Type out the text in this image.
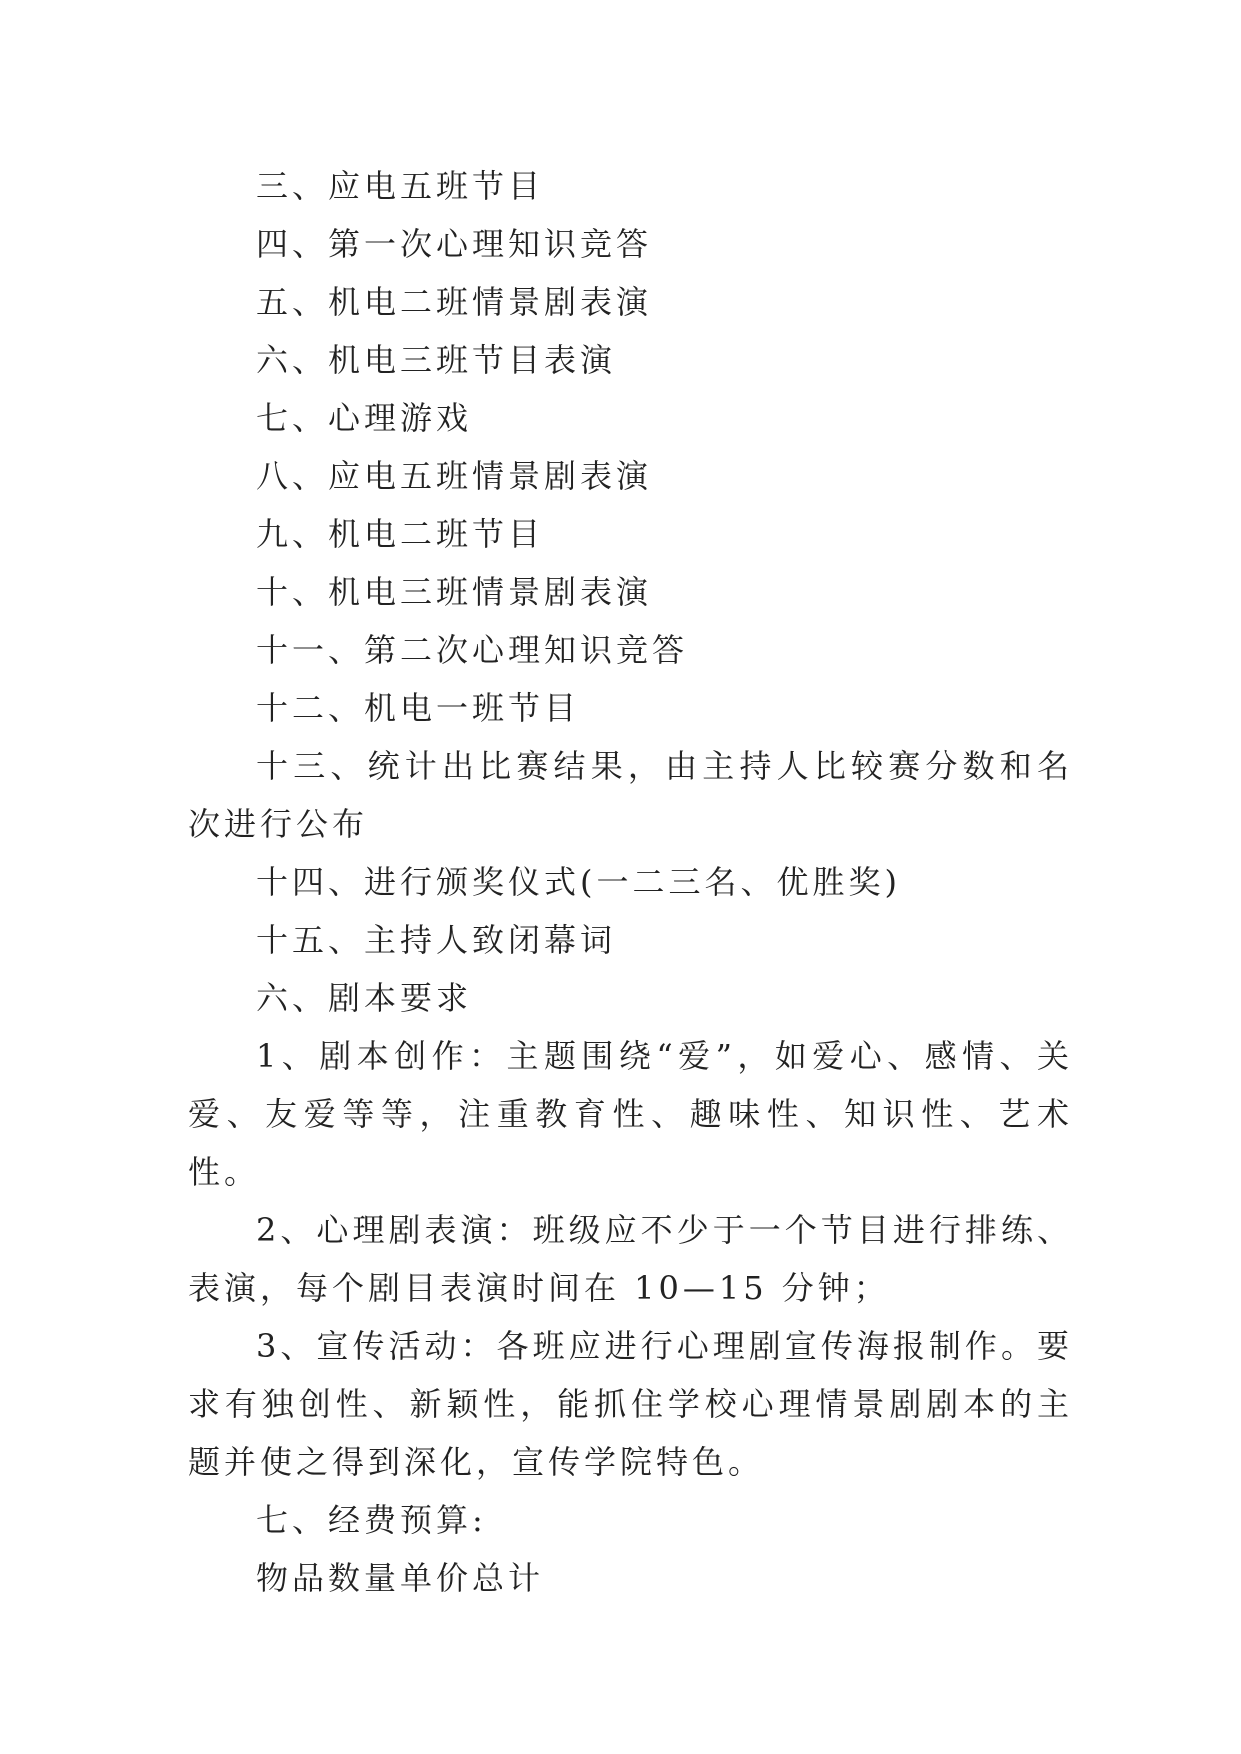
三、应电五班节目

四、第一次心理知识竞答

五、机电二班情景剧表演

六、机电三班节目表演

七、心理游戏

八、应电五班情景剧表演

九、机电二班节目

十、机电三班情景剧表演

十一、第二次心理知识竞答

十二、机电一班节目

十三、统计出比赛结果，由主持人比较赛分数和名次进行公布

十四、进行颁奖仪式(一二三名、优胜奖)

十五、主持人致闭幕词

六、剧本要求

1、剧本创作：主题围绕“爱”，如爱心、感情、关爱、友爱等等，注重教育性、趣味性、知识性、艺术性。

2、心理剧表演：班级应不少于一个节目进行排练、表演，每个剧目表演时间在 10—15 分钟；

3、宣传活动：各班应进行心理剧宣传海报制作。要求有独创性、新颖性，能抓住学校心理情景剧剧本的主题并使之得到深化，宣传学院特色。

七、经费预算:

物品数量单价总计
